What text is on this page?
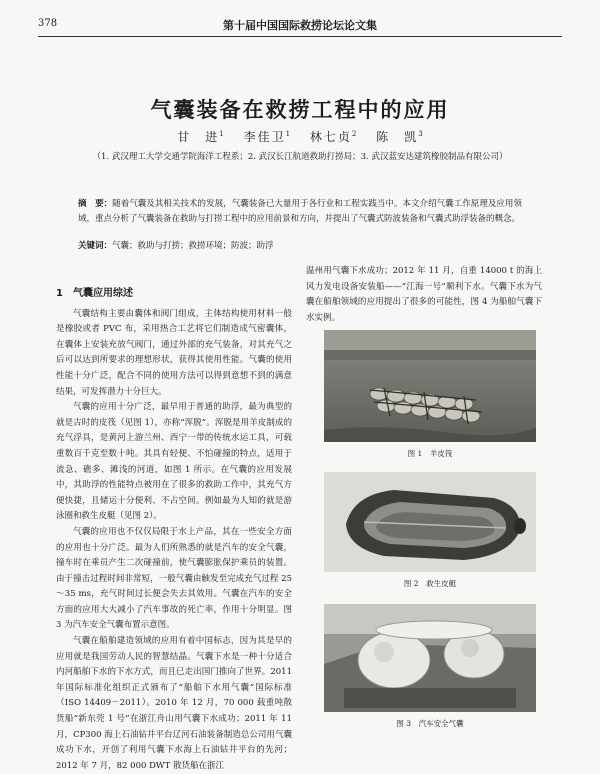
378	第十届中国国际救捞论坛论文集
气囊装备在救捞工程中的应用
甘　进$^1$　 李佳卫$^1$　 林七贞$^2$　 陈　凯$^3$
（1. 武汉理工大学交通学院海洋工程系；2. 武汉长江航道救助打捞局；3. 武汉蓝安达建筑橡胶制品有限公司）
摘　要：随着气囊及其相关技术的发展，气囊装备已大量用于各行业和工程实践当中。本文介绍气囊工作原理及应用领域，重点分析了气囊装备在救助与打捞工程中的应用前景和方向，并提出了气囊式防波装备和气囊式助浮装备的概念。
关键词：气囊；救助与打捞；救捞环境；防波；助浮
1　气囊应用综述

气囊结构主要由囊体和阀门组成，主体结构使用材料一般是橡胶或者 PVC 布，采用热合工艺将它们制造成气密囊体，在囊体上安装充放气阀门，通过外部的充气装备，对其充气之后可以达到所要求的理想形状，获得其使用性能。气囊的使用性能十分广泛，配合不同的使用方法可以得到意想不到的满意结果，可发挥潜力十分巨大。

气囊的应用十分广泛，最早用于普通的助浮，最为典型的就是古时的皮筏（见图 1），亦称“浑脱”。浑脱是用羊皮制成的充气浮具，是黄河上游兰州、西宁一带的传统水运工具，可载重数百千克至数十吨。其具有轻便、不怕碰撞的特点，适用于流急、礁多、滩浅的河道，如图 1 所示。在气囊的应用发展中，其助浮的性能特点被用在了很多的救助工作中，其充气方便快捷，且储运十分便利、不占空间。例如最为人知的就是游泳圈和救生皮艇（见图 2）。

气囊的应用也不仅仅局限于水上产品，其在一些安全方面的应用也十分广泛。最为人们所熟悉的就是汽车的安全气囊，撞车时在乘员产生二次碰撞前，使气囊膨胀保护乘员的装置。由于撞击过程时间非常短，一般气囊由触发至完成充气过程 25～35 ms，充气时间过长便会失去其效用。气囊在汽车的安全方面的应用大大减小了汽车事故的死亡率，作用十分明显。图 3 为汽车安全气囊布置示意图。

气囊在船舶建造领域的应用有着中国标志，因为其是早的应用就是我国劳动人民的智慧结晶。气囊下水是一种十分适合内河船舶下水的下水方式，而且已走出国门推向了世界。2011 年国际标准化组织正式颁布了“船舶下水用气囊”国际标准（ISO 14409－2011）。2010 年 12 月，70 000 载重吨散货船“新东莞 1 号”在浙江舟山用气囊下水成功；2011 年 11 月，CP300 海上石油钻井平台辽河石油装备制造总公司用气囊成功下水，开创了利用气囊下水海上石油钻井平台的先河；2012 年 7 月，82 000 DWT 散货船在浙江

温州用气囊下水成功；2012 年 11 月，自重 14000 t 的海上风力发电设备安装船——“江海一号”顺利下水。气囊下水为气囊在船舶领域的应用提出了很多的可能性，图 4 为船舶气囊下水实例。

图 1　羊皮筏
图 2　救生皮艇
图 3　汽车安全气囊
